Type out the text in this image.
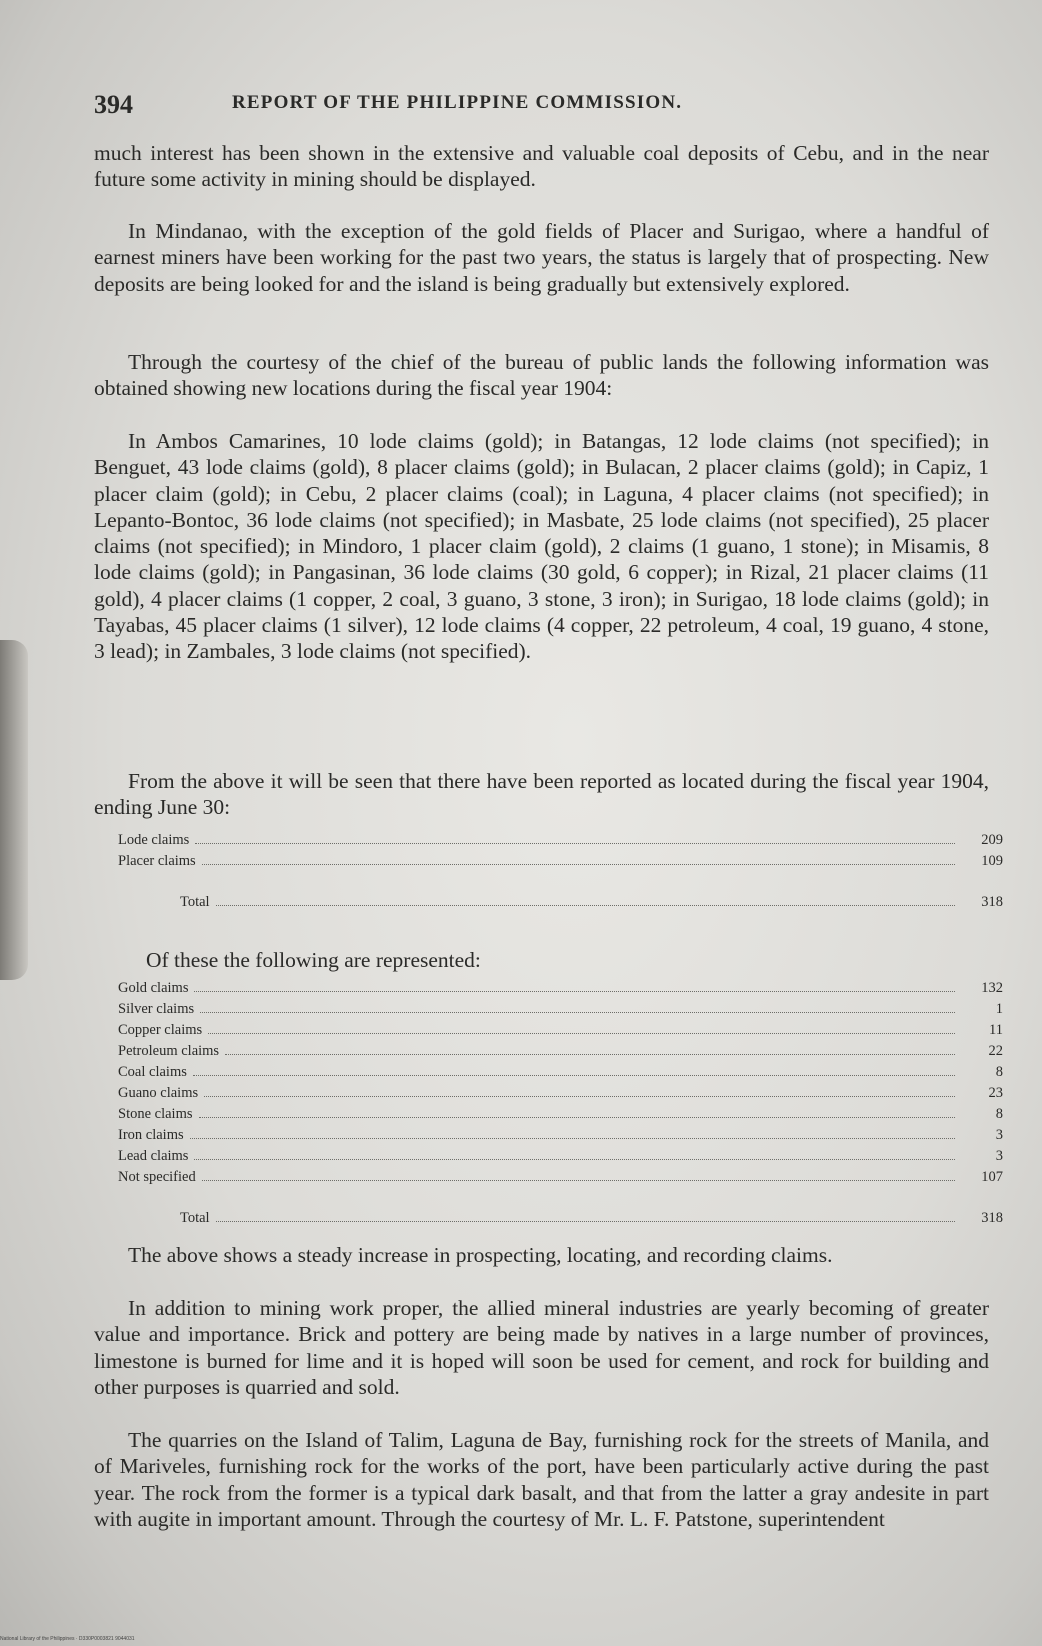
394	REPORT OF THE PHILIPPINE COMMISSION.

much interest has been shown in the extensive and valuable coal deposits of Cebu, and in the near future some activity in mining should be displayed.

In Mindanao, with the exception of the gold fields of Placer and Surigao, where a handful of earnest miners have been working for the past two years, the status is largely that of prospecting. New deposits are being looked for and the island is being gradually but extensively explored.

Through the courtesy of the chief of the bureau of public lands the following information was obtained showing new locations during the fiscal year 1904:

In Ambos Camarines, 10 lode claims (gold); in Batangas, 12 lode claims (not specified); in Benguet, 43 lode claims (gold), 8 placer claims (gold); in Bulacan, 2 placer claims (gold); in Capiz, 1 placer claim (gold); in Cebu, 2 placer claims (coal); in Laguna, 4 placer claims (not specified); in Lepanto-Bontoc, 36 lode claims (not specified); in Masbate, 25 lode claims (not specified), 25 placer claims (not specified); in Mindoro, 1 placer claim (gold), 2 claims (1 guano, 1 stone); in Misamis, 8 lode claims (gold); in Pangasinan, 36 lode claims (30 gold, 6 copper); in Rizal, 21 placer claims (11 gold), 4 placer claims (1 copper, 2 coal, 3 guano, 3 stone, 3 iron); in Surigao, 18 lode claims (gold); in Tayabas, 45 placer claims (1 silver), 12 lode claims (4 copper, 22 petroleum, 4 coal, 19 guano, 4 stone, 3 lead); in Zambales, 3 lode claims (not specified).

From the above it will be seen that there have been reported as located during the fiscal year 1904, ending June 30:

Lode claims	209
Placer claims	109
Total	318

Of these the following are represented:

Gold claims	132
Silver claims	1
Copper claims	11
Petroleum claims	22
Coal claims	8
Guano claims	23
Stone claims	8
Iron claims	3
Lead claims	3
Not specified	107
Total	318

The above shows a steady increase in prospecting, locating, and recording claims.

In addition to mining work proper, the allied mineral industries are yearly becoming of greater value and importance. Brick and pottery are being made by natives in a large number of provinces, limestone is burned for lime and it is hoped will soon be used for cement, and rock for building and other purposes is quarried and sold.

The quarries on the Island of Talim, Laguna de Bay, furnishing rock for the streets of Manila, and of Mariveles, furnishing rock for the works of the port, have been particularly active during the past year. The rock from the former is a typical dark basalt, and that from the latter a gray andesite in part with augite in important amount. Through the courtesy of Mr. L. F. Patstone, superintendent

National Library of the Philippines · D330P0003821 9044031
